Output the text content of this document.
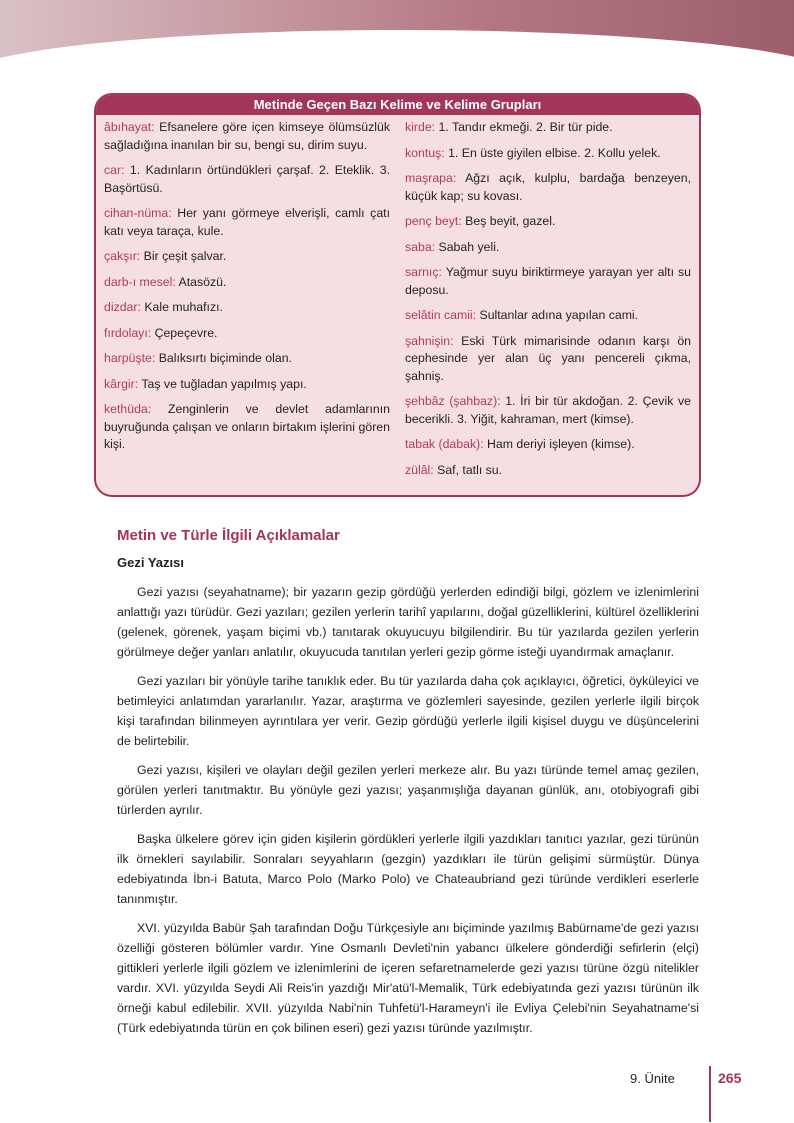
Metinde Geçen Bazı Kelime ve Kelime Grupları
âbıhayat: Efsanelere göre içen kimseye ölümsüzlük sağladığına inanılan bir su, bengi su, dirim suyu.
car: 1. Kadınların örtündükleri çarşaf. 2. Eteklik. 3. Başörtüsü.
cihan-nüma: Her yanı görmeye elverişli, camlı çatı katı veya taraça, kule.
çakşır: Bir çeşit şalvar.
darb-ı mesel: Atasözü.
dizdar: Kale muhafızı.
fırdolayı: Çepeçevre.
harpüşte: Balıksırtı biçiminde olan.
kârgir: Taş ve tuğladan yapılmış yapı.
kethüda: Zenginlerin ve devlet adamlarının buyruğunda çalışan ve onların birtakım işlerini gören kişi.
kirde: 1. Tandır ekmeği. 2. Bir tür pide.
kontuş: 1. En üste giyilen elbise. 2. Kollu yelek.
maşrapa: Ağzı açık, kulplu, bardağa benzeyen, küçük kap; su kovası.
penç beyt: Beş beyit, gazel.
saba: Sabah yeli.
sarnıç: Yağmur suyu biriktirmeye yarayan yer altı su deposu.
selâtin camii: Sultanlar adına yapılan cami.
şahnişin: Eski Türk mimarisinde odanın karşı ön cephesinde yer alan üç yanı pencereli çıkma, şahniş.
şehbâz (şahbaz): 1. İri bir tür akdoğan. 2. Çevik ve becerikli. 3. Yiğit, kahraman, mert (kimse).
tabak (dabak): Ham deriyi işleyen (kimse).
zülâl: Saf, tatlı su.
Metin ve Türle İlgili Açıklamalar
Gezi Yazısı

Gezi yazısı (seyahatname); bir yazarın gezip gördüğü yerlerden edindiği bilgi, gözlem ve izlenimlerini anlattığı yazı türüdür. Gezi yazıları; gezilen yerlerin tarihî yapılarını, doğal güzelliklerini, kültürel özelliklerini (gelenek, görenek, yaşam biçimi vb.) tanıtarak okuyucuyu bilgilendirir. Bu tür yazılarda gezilen yerlerin görülmeye değer yanları anlatılır, okuyucuda tanıtılan yerleri gezip görme isteği uyandırmak amaçlanır.

Gezi yazıları bir yönüyle tarihe tanıklık eder. Bu tür yazılarda daha çok açıklayıcı, öğretici, öyküleyici ve betimleyici anlatımdan yararlanılır. Yazar, araştırma ve gözlemleri sayesinde, gezilen yerlerle ilgili birçok kişi tarafından bilinmeyen ayrıntılara yer verir. Gezip gördüğü yerlerle ilgili kişisel duygu ve düşüncelerini de belirtebilir.

Gezi yazısı, kişileri ve olayları değil gezilen yerleri merkeze alır. Bu yazı türünde temel amaç gezilen, görülen yerleri tanıtmaktır. Bu yönüyle gezi yazısı; yaşanmışlığa dayanan günlük, anı, otobiyografi gibi türlerden ayrılır.

Başka ülkelere görev için giden kişilerin gördükleri yerlerle ilgili yazdıkları tanıtıcı yazılar, gezi türünün ilk örnekleri sayılabilir. Sonraları seyyahların (gezgin) yazdıkları ile türün gelişimi sürmüştür. Dünya edebiyatında İbn-i Batuta, Marco Polo (Marko Polo) ve Chateaubriand gezi türünde verdikleri eserlerle tanınmıştır.

XVI. yüzyılda Babür Şah tarafından Doğu Türkçesiyle anı biçiminde yazılmış Babürname'de gezi yazısı özelliği gösteren bölümler vardır. Yine Osmanlı Devleti'nin yabancı ülkelere gönderdiği sefirlerin (elçi) gittikleri yerlerle ilgili gözlem ve izlenimlerini de içeren sefaretnamelerde gezi yazısı türüne özgü nitelikler vardır. XVI. yüzyılda Seydi Ali Reis'in yazdığı Mir'atü'l-Memalik, Türk edebiyatında gezi yazısı türünün ilk örneği kabul edilebilir. XVII. yüzyılda Nabi'nin Tuhfetü'l-Harameyn'i ile Evliya Çelebi'nin Seyahatname'si (Türk edebiyatında türün en çok bilinen eseri) gezi yazısı türünde yazılmıştır.

9. Ünite	265
